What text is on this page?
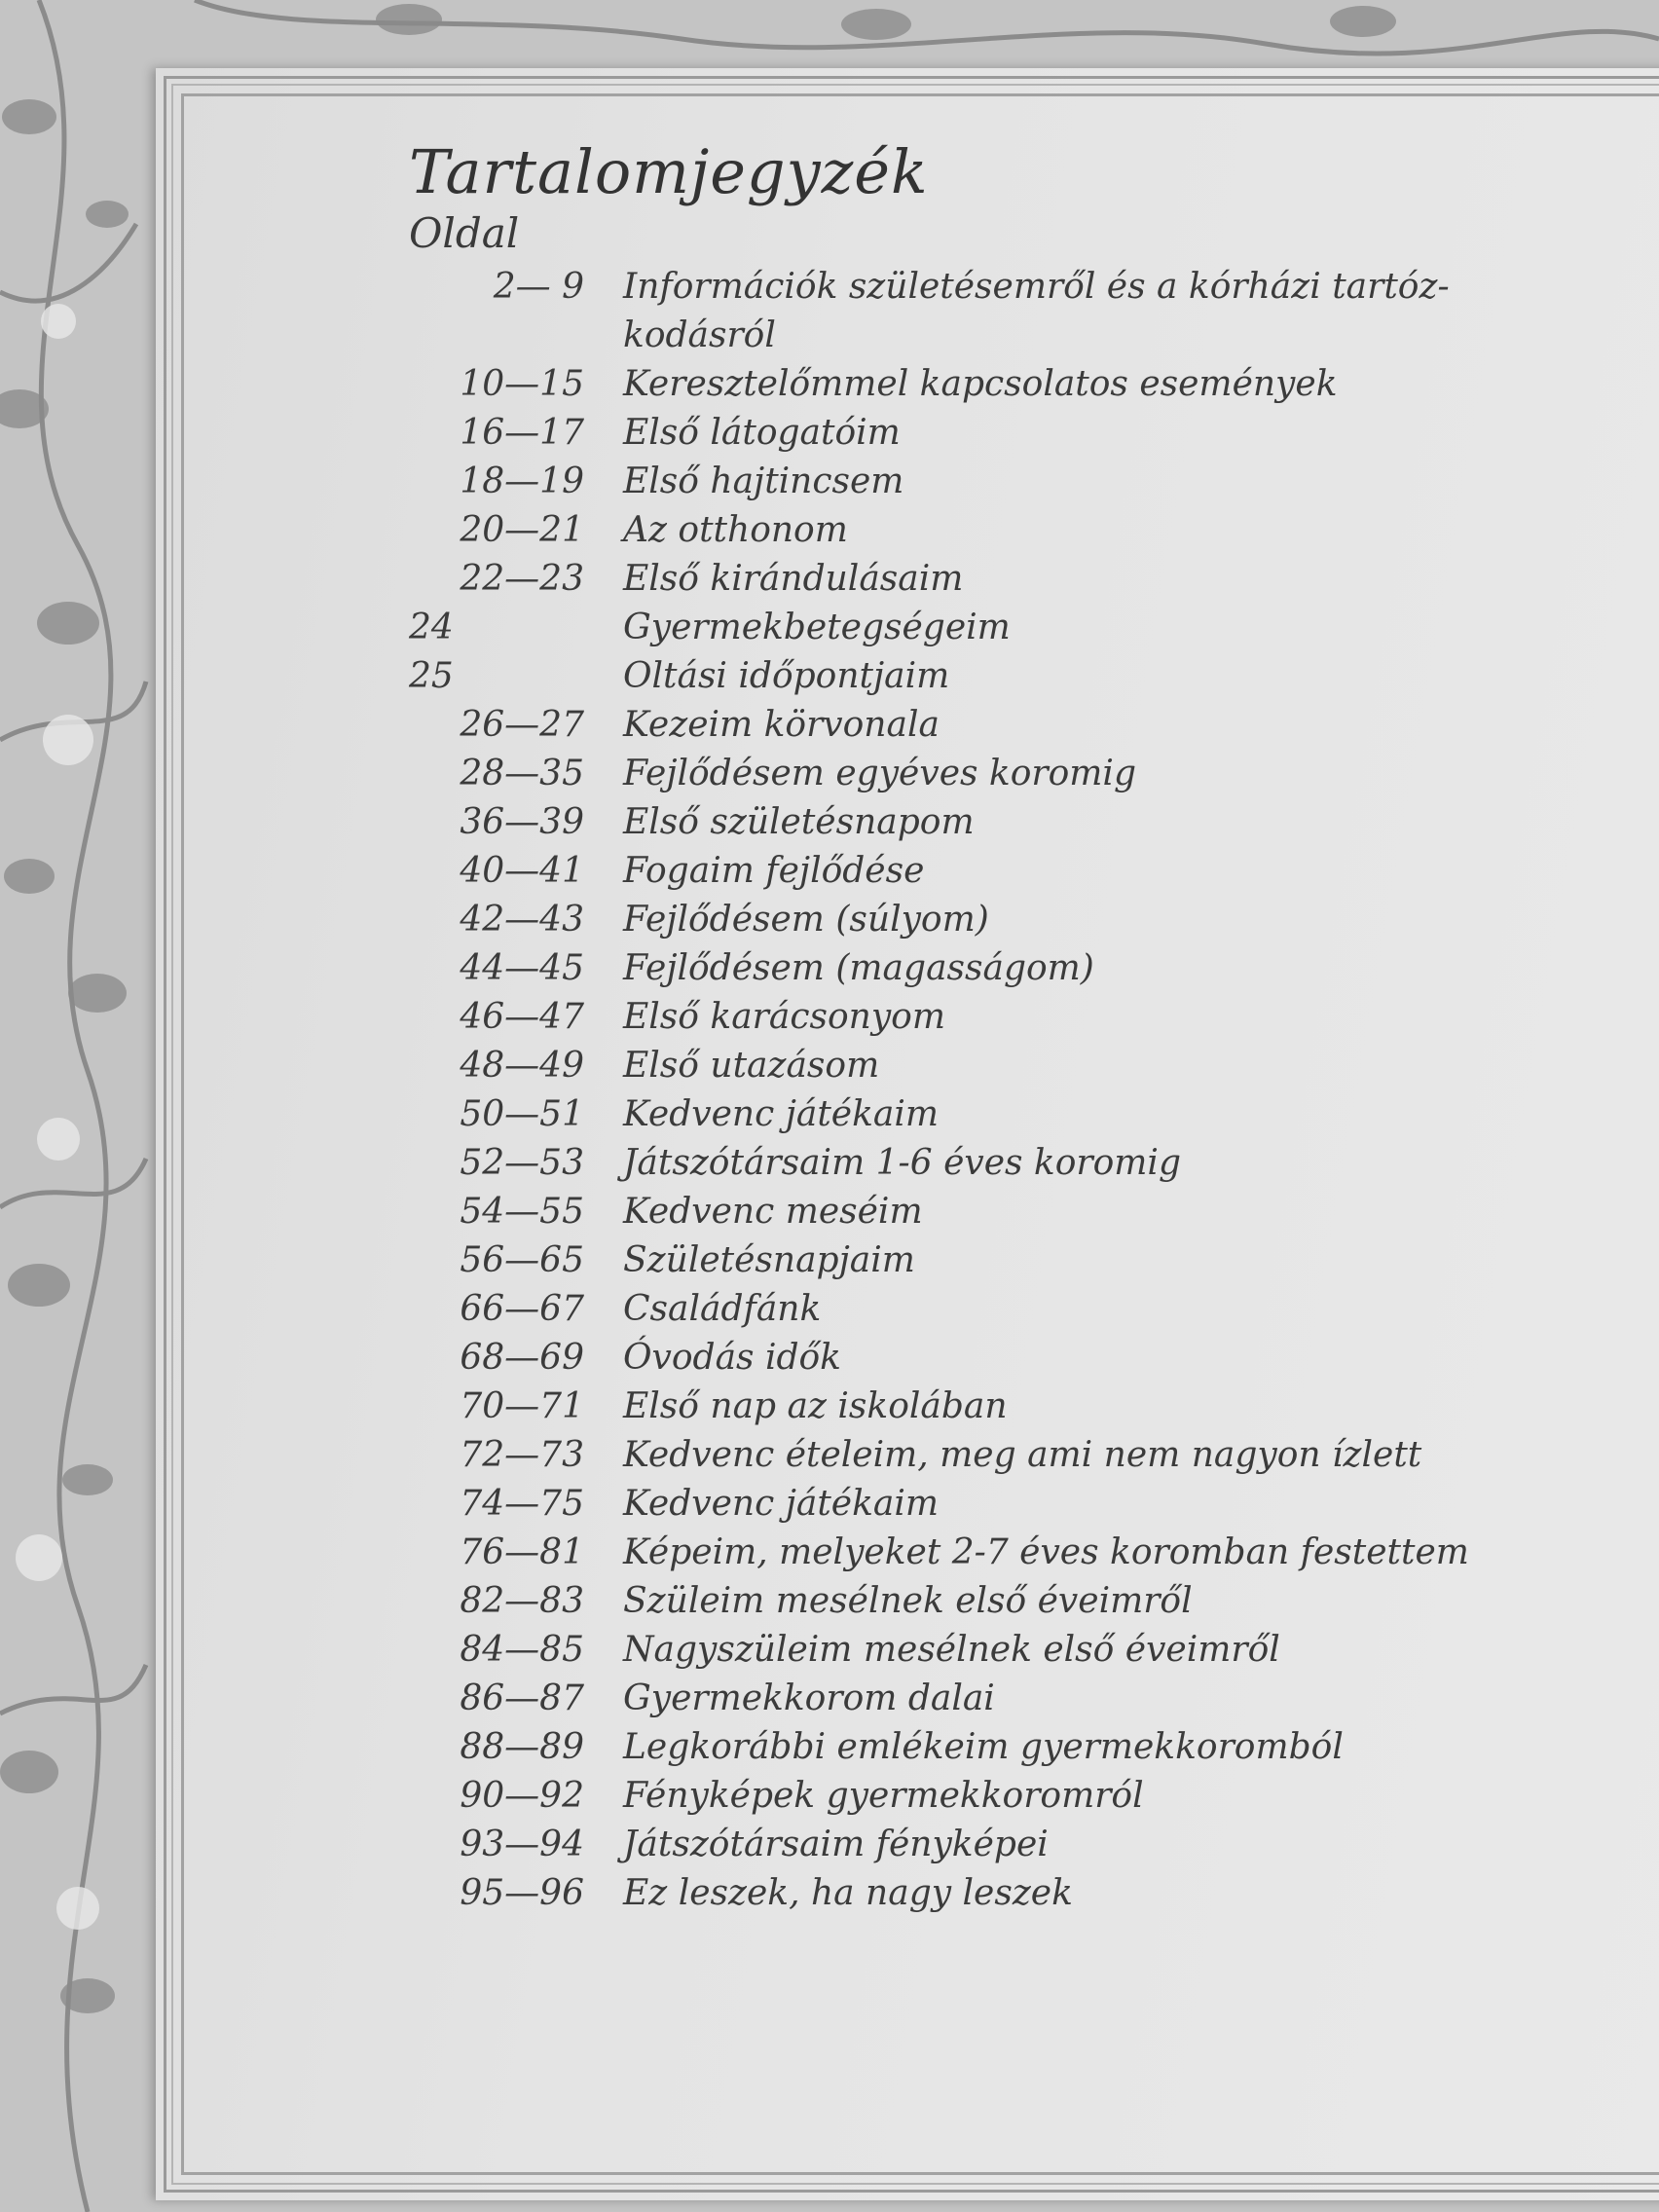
Tartalomjegyzék
Oldal
2— 9	Információk születésemről és a kórházi tartóz-kodásról
10—15	Keresztelőmmel kapcsolatos események
16—17	Első látogatóim
18—19	Első hajtincsem
20—21	Az otthonom
22—23	Első kirándulásaim
24	Gyermekbetegségeim
25	Oltási időpontjaim
26—27	Kezeim körvonala
28—35	Fejlődésem egyéves koromig
36—39	Első születésnapom
40—41	Fogaim fejlődése
42—43	Fejlődésem (súlyom)
44—45	Fejlődésem (magasságom)
46—47	Első karácsonyom
48—49	Első utazásom
50—51	Kedvenc játékaim
52—53	Játszótársaim 1-6 éves koromig
54—55	Kedvenc meséim
56—65	Születésnapjaim
66—67	Családfánk
68—69	Óvodás idők
70—71	Első nap az iskolában
72—73	Kedvenc ételeim, meg ami nem nagyon ízlett
74—75	Kedvenc játékaim
76—81	Képeim, melyeket 2-7 éves koromban festettem
82—83	Szüleim mesélnek első éveimről
84—85	Nagyszüleim mesélnek első éveimről
86—87	Gyermekkorom dalai
88—89	Legkorábbi emlékeim gyermekkoromból
90—92	Fényképek gyermekkoromról
93—94	Játszótársaim fényképei
95—96	Ez leszek, ha nagy leszek
